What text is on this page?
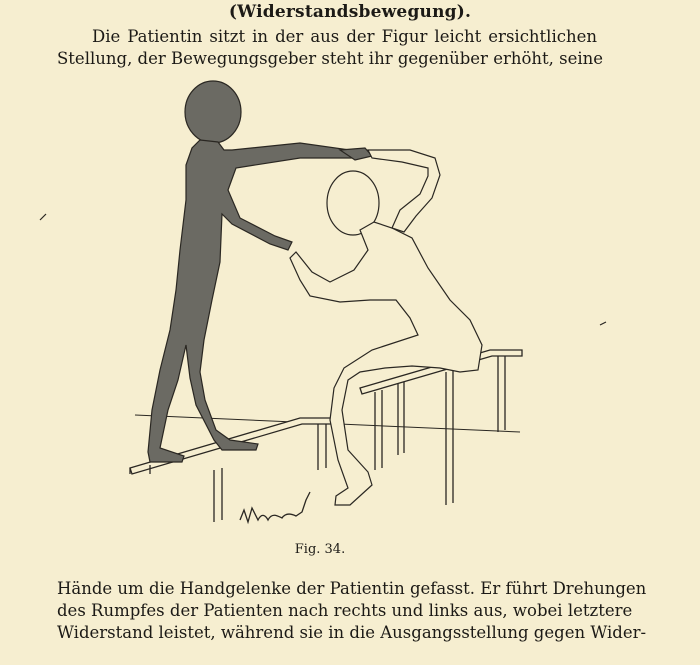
(Widerstandsbewegung).
Die Patientin sitzt in der aus der Figur leicht ersichtlichen
Stellung, der Bewegungsgeber steht ihr gegenüber erhöht, seine
Fig. 34.
Hände um die Handgelenke der Patientin gefasst. Er führt Drehungen
des Rumpfes der Patienten nach rechts und links aus, wobei letztere
Widerstand leistet, während sie in die Ausgangsstellung gegen Wider-
